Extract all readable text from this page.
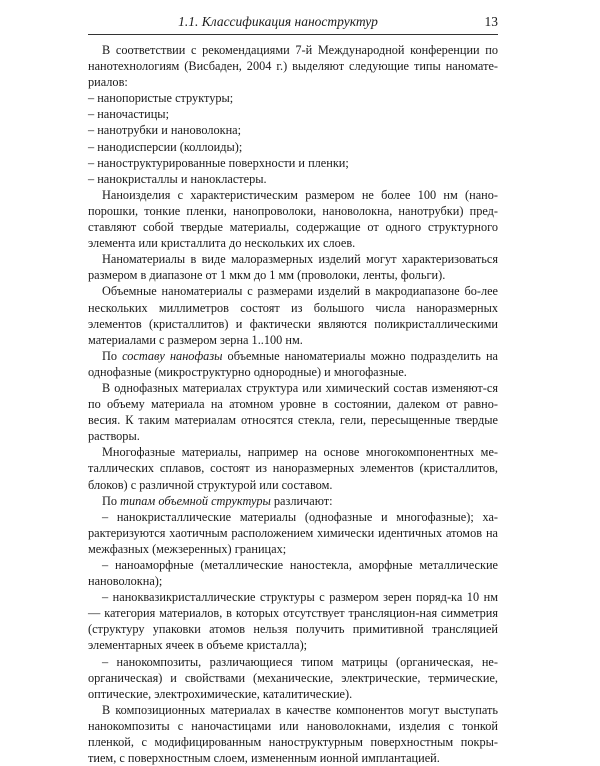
1.1. Классификация наноструктур	13

В соответствии с рекомендациями 7-й Международной конференции по нанотехнологиям (Висбаден, 2004 г.) выделяют следующие типы наномате-риалов:

– нанопористые структуры;

– наночастицы;

– нанотрубки и нановолокна;

– нанодисперсии (коллоиды);

– наноструктурированные поверхности и пленки;

– нанокристаллы и нанокластеры.

Наноизделия с характеристическим размером не более 100 нм (нано-порошки, тонкие пленки, нанопроволоки, нановолокна, нанотрубки) пред-ставляют собой твердые материалы, содержащие от одного структурного элемента или кристаллита до нескольких их слоев.

Наноматериалы в виде малоразмерных изделий могут характеризоваться размером в диапазоне от 1 мкм до 1 мм (проволоки, ленты, фольги).

Объемные наноматериалы с размерами изделий в макродиапазоне бо-лее нескольких миллиметров состоят из большого числа наноразмерных элементов (кристаллитов) и фактически являются поликристаллическими материалами с размером зерна 1..100 нм.

По составу нанофазы объемные наноматериалы можно подразделить на однофазные (микроструктурно однородные) и многофазные.

В однофазных материалах структура или химический состав изменяют-ся по объему материала на атомном уровне в состоянии, далеком от равно-весия. К таким материалам относятся стекла, гели, пересыщенные твердые растворы.

Многофазные материалы, например на основе многокомпонентных ме-таллических сплавов, состоят из наноразмерных элементов (кристаллитов, блоков) с различной структурой или составом.

По типам объемной структуры различают:

– нанокристаллические материалы (однофазные и многофазные); ха-рактеризуются хаотичным расположением химически идентичных атомов на межфазных (межзеренных) границах;

– наноаморфные (металлические наностекла, аморфные металлические нановолокна);

– нанокваз​икристаллические структуры с размером зерен поряд-ка 10 нм — категория материалов, в которых отсутствует трансляцион-ная симметрия (структуру упаковки атомов нельзя получить примитивной трансляцией элементарных ячеек в объеме кристалла);

– нанокомпозиты, различающиеся типом матрицы (органическая, не-органическая) и свойствами (механические, электрические, термические, оптические, электрохимические, каталитические).

В композиционных материалах в качестве компонентов могут выступать нанокомпозиты с наночастицами или нановолокнами, изделия с тонкой пленкой, с модифицированным наноструктурным поверхностным покры-тием, с поверхностным слоем, измененным ионной имплантацией.
